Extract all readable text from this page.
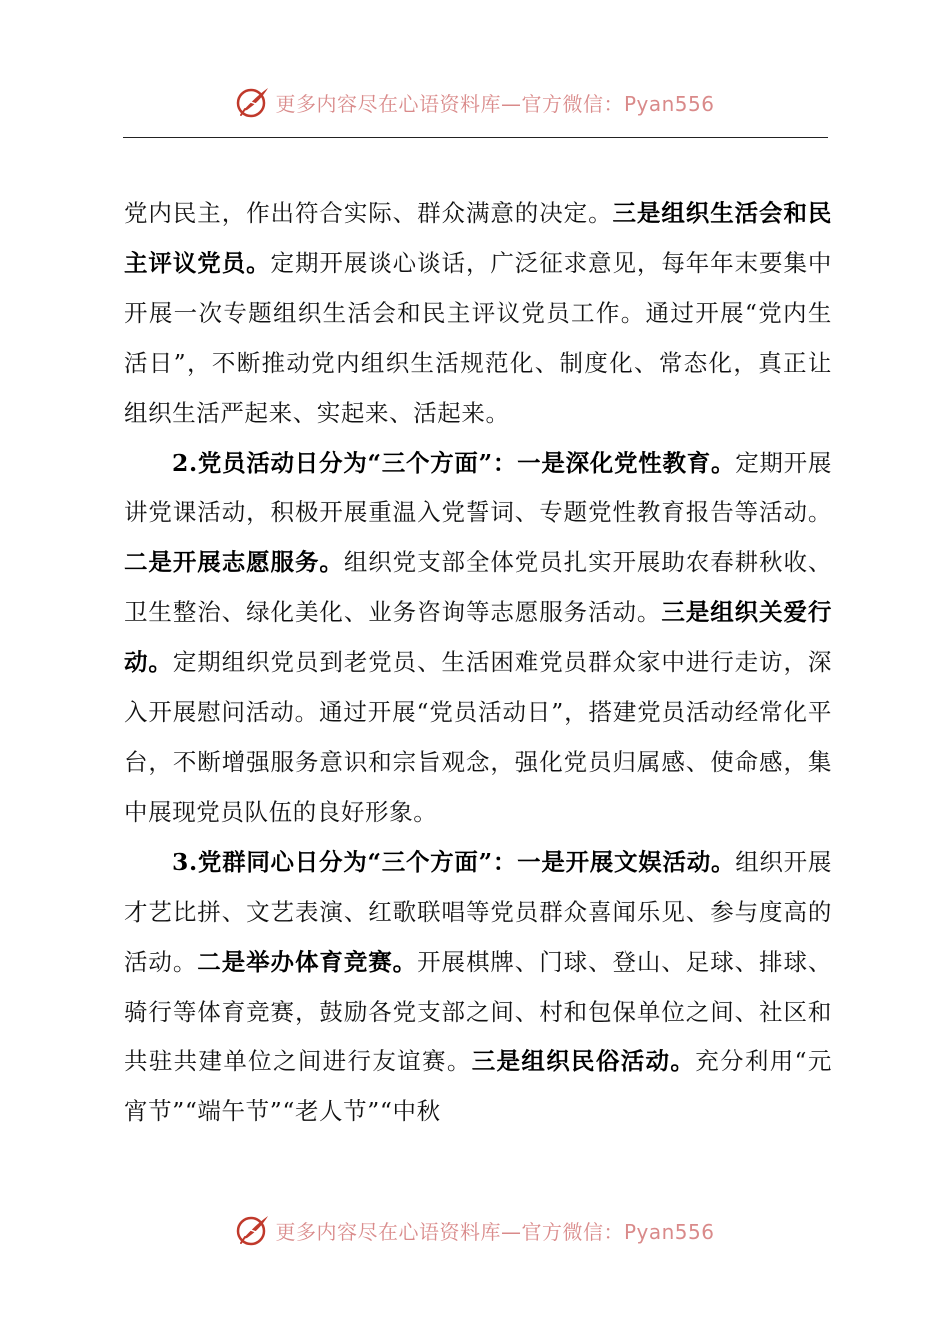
更多内容尽在心语资料库—官方微信：Pyan556

党内民主，作出符合实际、群众满意的决定。三是组织生活会和民主评议党员。定期开展谈心谈话，广泛征求意见，每年年末要集中开展一次专题组织生活会和民主评议党员工作。通过开展“党内生活日”，不断推动党内组织生活规范化、制度化、常态化，真正让组织生活严起来、实起来、活起来。

2.党员活动日分为“三个方面”：一是深化党性教育。定期开展讲党课活动，积极开展重温入党誓词、专题党性教育报告等活动。二是开展志愿服务。组织党支部全体党员扎实开展助农春耕秋收、卫生整治、绿化美化、业务咨询等志愿服务活动。三是组织关爱行动。定期组织党员到老党员、生活困难党员群众家中进行走访，深入开展慰问活动。通过开展“党员活动日”，搭建党员活动经常化平台，不断增强服务意识和宗旨观念，强化党员归属感、使命感，集中展现党员队伍的良好形象。

3.党群同心日分为“三个方面”：一是开展文娱活动。组织开展才艺比拼、文艺表演、红歌联唱等党员群众喜闻乐见、参与度高的活动。二是举办体育竞赛。开展棋牌、门球、登山、足球、排球、骑行等体育竞赛，鼓励各党支部之间、村和包保单位之间、社区和共驻共建单位之间进行友谊赛。三是组织民俗活动。充分利用“元宵节”“端午节”“老人节”“中秋

更多内容尽在心语资料库—官方微信：Pyan556
